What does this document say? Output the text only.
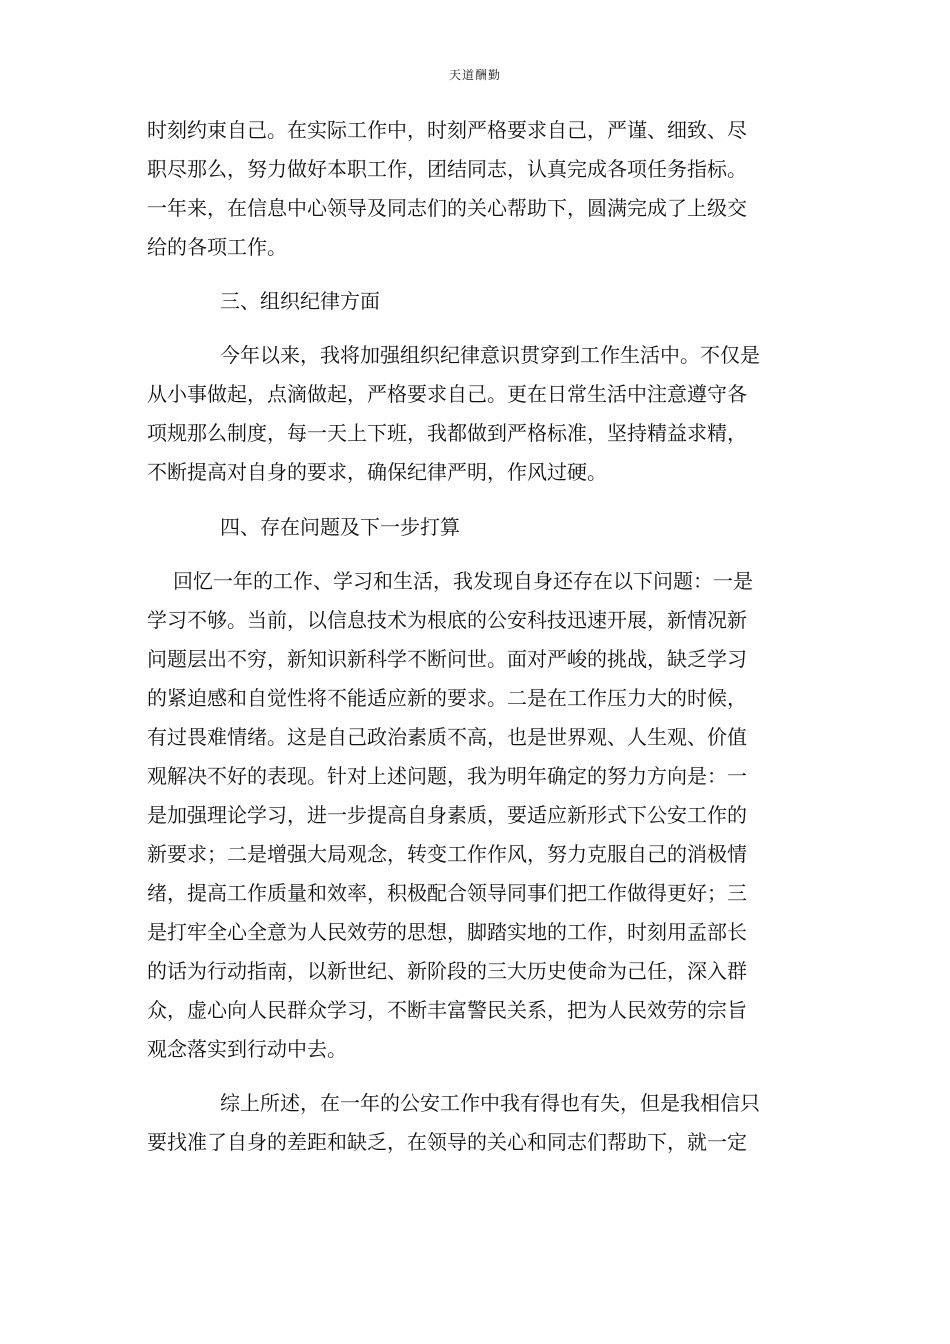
天道酬勤
时刻约束自己。在实际工作中，时刻严格要求自己，严谨、细致、尽
职尽那么，努力做好本职工作，团结同志，认真完成各项任务指标。
一年来，在信息中心领导及同志们的关心帮助下，圆满完成了上级交
给的各项工作。
三、组织纪律方面
今年以来，我将加强组织纪律意识贯穿到工作生活中。不仅是
从小事做起，点滴做起，严格要求自己。更在日常生活中注意遵守各
项规那么制度，每一天上下班，我都做到严格标准，坚持精益求精，
不断提高对自身的要求，确保纪律严明，作风过硬。
四、存在问题及下一步打算
回忆一年的工作、学习和生活，我发现自身还存在以下问题：一是
学习不够。当前，以信息技术为根底的公安科技迅速开展，新情况新
问题层出不穷，新知识新科学不断问世。面对严峻的挑战，缺乏学习
的紧迫感和自觉性将不能适应新的要求。二是在工作压力大的时候，
有过畏难情绪。这是自己政治素质不高，也是世界观、人生观、价值
观解决不好的表现。针对上述问题，我为明年确定的努力方向是：一
是加强理论学习，进一步提高自身素质，要适应新形式下公安工作的
新要求；二是增强大局观念，转变工作作风，努力克服自己的消极情
绪，提高工作质量和效率，积极配合领导同事们把工作做得更好；三
是打牢全心全意为人民效劳的思想，脚踏实地的工作，时刻用孟部长
的话为行动指南，以新世纪、新阶段的三大历史使命为己任，深入群
众，虚心向人民群众学习，不断丰富警民关系，把为人民效劳的宗旨
观念落实到行动中去。
综上所述，在一年的公安工作中我有得也有失，但是我相信只
要找准了自身的差距和缺乏，在领导的关心和同志们帮助下，就一定
